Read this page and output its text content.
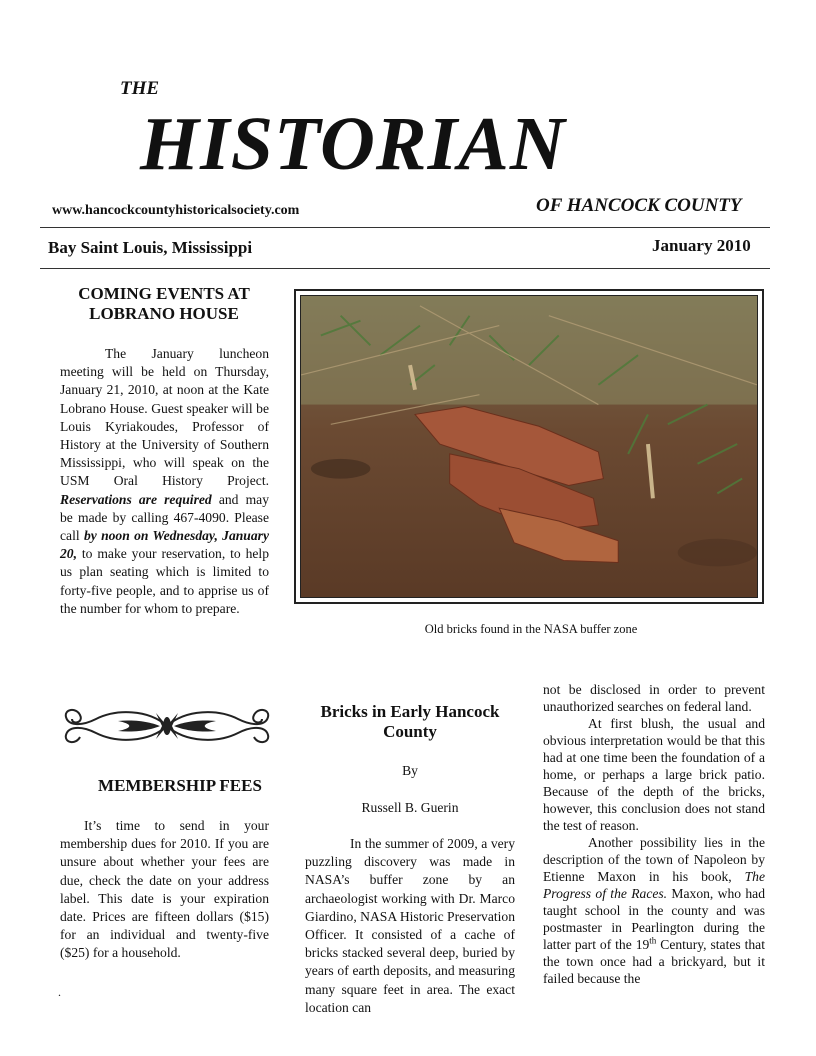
THE
HISTORIAN
www.hancockcountyhistoricalsociety.com	OF HANCOCK COUNTY
Bay Saint Louis, Mississippi	January 2010
COMING EVENTS AT
LOBRANO HOUSE

The January luncheon meeting will be held on Thursday, January 21, 2010, at noon at the Kate Lobrano House. Guest speaker will be Louis Kyriakoudes, Professor of History at the University of Southern Mississippi, who will speak on the USM Oral History Project. Reservations are required and may be made by calling 467-4090. Please call by noon on Wednesday, January 20, to make your reservation, to help us plan seating which is limited to forty-five people, and to apprise us of the number for whom to prepare.

MEMBERSHIP FEES

It’s time to send in your membership dues for 2010. If you are unsure about whether your fees are due, check the date on your address label. This date is your expiration date. Prices are fifteen dollars ($15) for an individual and twenty-five ($25) for a household.

.
Old bricks found in the NASA buffer zone
Bricks in Early Hancock County
By
Russell B. Guerin

In the summer of 2009, a very puzzling discovery was made in NASA’s buffer zone by an archaeologist working with Dr. Marco Giardino, NASA Historic Preservation Officer. It consisted of a cache of bricks stacked several deep, buried by years of earth deposits, and measuring many square feet in area. The exact location can

not be disclosed in order to prevent unauthorized searches on federal land.

At first blush, the usual and obvious interpretation would be that this had at one time been the foundation of a home, or perhaps a large brick patio. Because of the depth of the bricks, however, this conclusion does not stand the test of reason.

Another possibility lies in the description of the town of Napoleon by Etienne Maxon in his book, The Progress of the Races. Maxon, who had taught school in the county and was postmaster in Pearlington during the latter part of the 19th Century, states that the town once had a brickyard, but it failed because the
